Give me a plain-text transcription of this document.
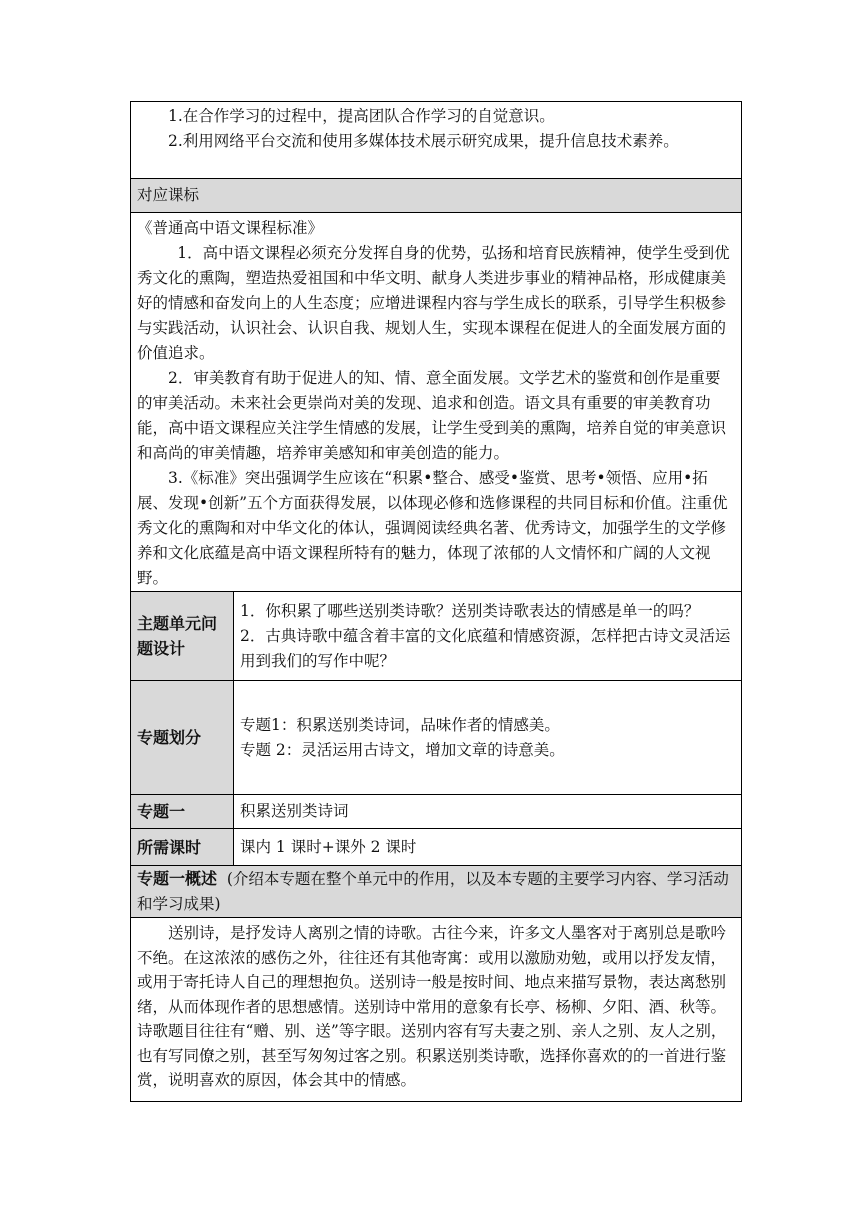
1.在合作学习的过程中，提高团队合作学习的自觉意识。

2.利用网络平台交流和使用多媒体技术展示研究成果，提升信息技术素养。	

对应课标	

《普通高中语文课程标准》

1．高中语文课程必须充分发挥自身的优势，弘扬和培育民族精神，使学生受到优秀文化的熏陶，塑造热爱祖国和中华文明、献身人类进步事业的精神品格，形成健康美好的情感和奋发向上的人生态度；应增进课程内容与学生成长的联系，引导学生积极参与实践活动，认识社会、认识自我、规划人生，实现本课程在促进人的全面发展方面的价值追求。

2．审美教育有助于促进人的知、情、意全面发展。文学艺术的鉴赏和创作是重要的审美活动。未来社会更崇尚对美的发现、追求和创造。语文具有重要的审美教育功能，高中语文课程应关注学生情感的发展，让学生受到美的熏陶，培养自觉的审美意识和高尚的审美情趣，培养审美感知和审美创造的能力。

3.《标准》突出强调学生应该在“积累•整合、感受•鉴赏、思考•领悟、应用•拓展、发现•创新”五个方面获得发展，以体现必修和选修课程的共同目标和价值。注重优秀文化的熏陶和对中华文化的体认，强调阅读经典名著、优秀诗文，加强学生的文学修养和文化底蕴是高中语文课程所特有的魅力，体现了浓郁的人文情怀和广阔的人文视野。	

主题单元问题设计	1．你积累了哪些送别类诗歌？送别类诗歌表达的情感是单一的吗？

2．古典诗歌中蕴含着丰富的文化底蕴和情感资源，怎样把古诗文灵活运用到我们的写作中呢？

专题划分	专题1：积累送别类诗词，品味作者的情感美。

专题 2：灵活运用古诗文，增加文章的诗意美。

专题一	积累送别类诗词
所需课时	课内 1 课时+课外 2 课时
专题一概述 (介绍本专题在整个单元中的作用，以及本专题的主要学习内容、学习活动和学习成果)	

送别诗，是抒发诗人离别之情的诗歌。古往今来，许多文人墨客对于离别总是歌吟不绝。在这浓浓的感伤之外，往往还有其他寄寓：或用以激励劝勉，或用以抒发友情，或用于寄托诗人自己的理想抱负。送别诗一般是按时间、地点来描写景物，表达离愁别绪，从而体现作者的思想感情。送别诗中常用的意象有长亭、杨柳、夕阳、酒、秋等。诗歌题目往往有“赠、别、送”等字眼。送别内容有写夫妻之别、亲人之别、友人之别，也有写同僚之别，甚至写匆匆过客之别。积累送别类诗歌，选择你喜欢的的一首进行鉴赏，说明喜欢的原因，体会其中的情感。	
